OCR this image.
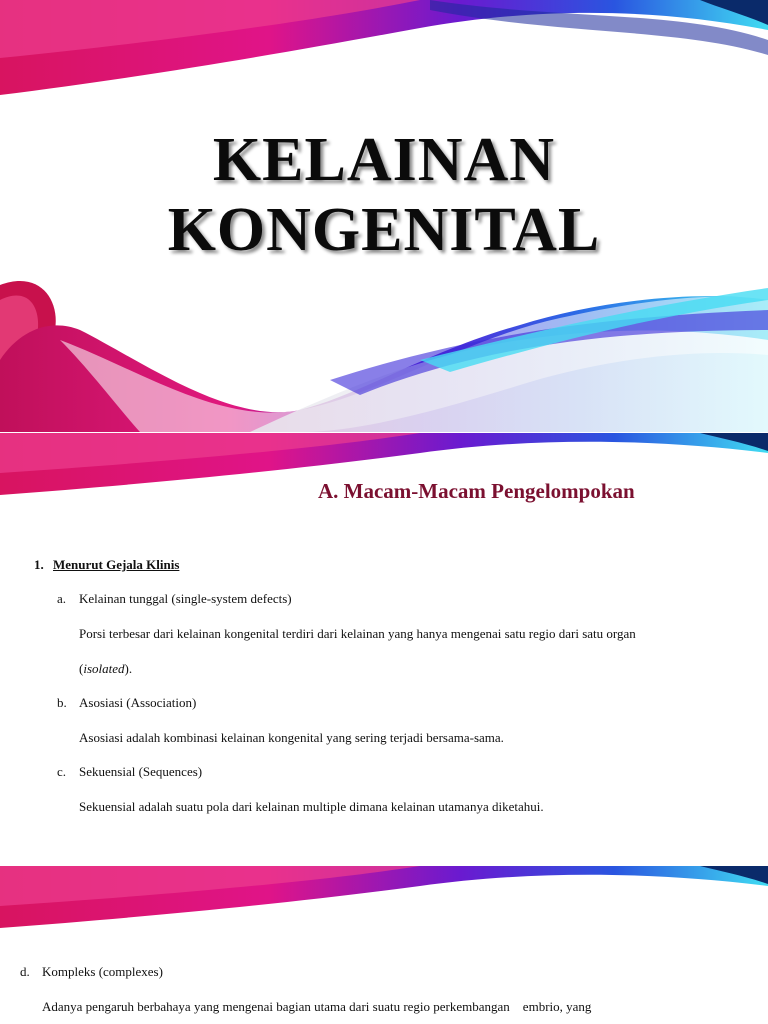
KELAINAN
KONGENITAL
A. Macam-Macam Pengelompokan
1. Menurut Gejala Klinis
a. Kelainan tunggal (single-system defects)
Porsi terbesar dari kelainan kongenital terdiri dari kelainan yang hanya mengenai satu regio dari satu organ
(isolated).
b. Asosiasi (Association)
Asosiasi adalah kombinasi kelainan kongenital yang sering terjadi bersama-sama.
c. Sekuensial (Sequences)
Sekuensial adalah suatu pola dari kelainan multiple dimana kelainan utamanya diketahui.
d. Kompleks (complexes)
Adanya pengaruh berbahaya yang mengenai bagian utama dari suatu regio perkembangan    embrio, yang
